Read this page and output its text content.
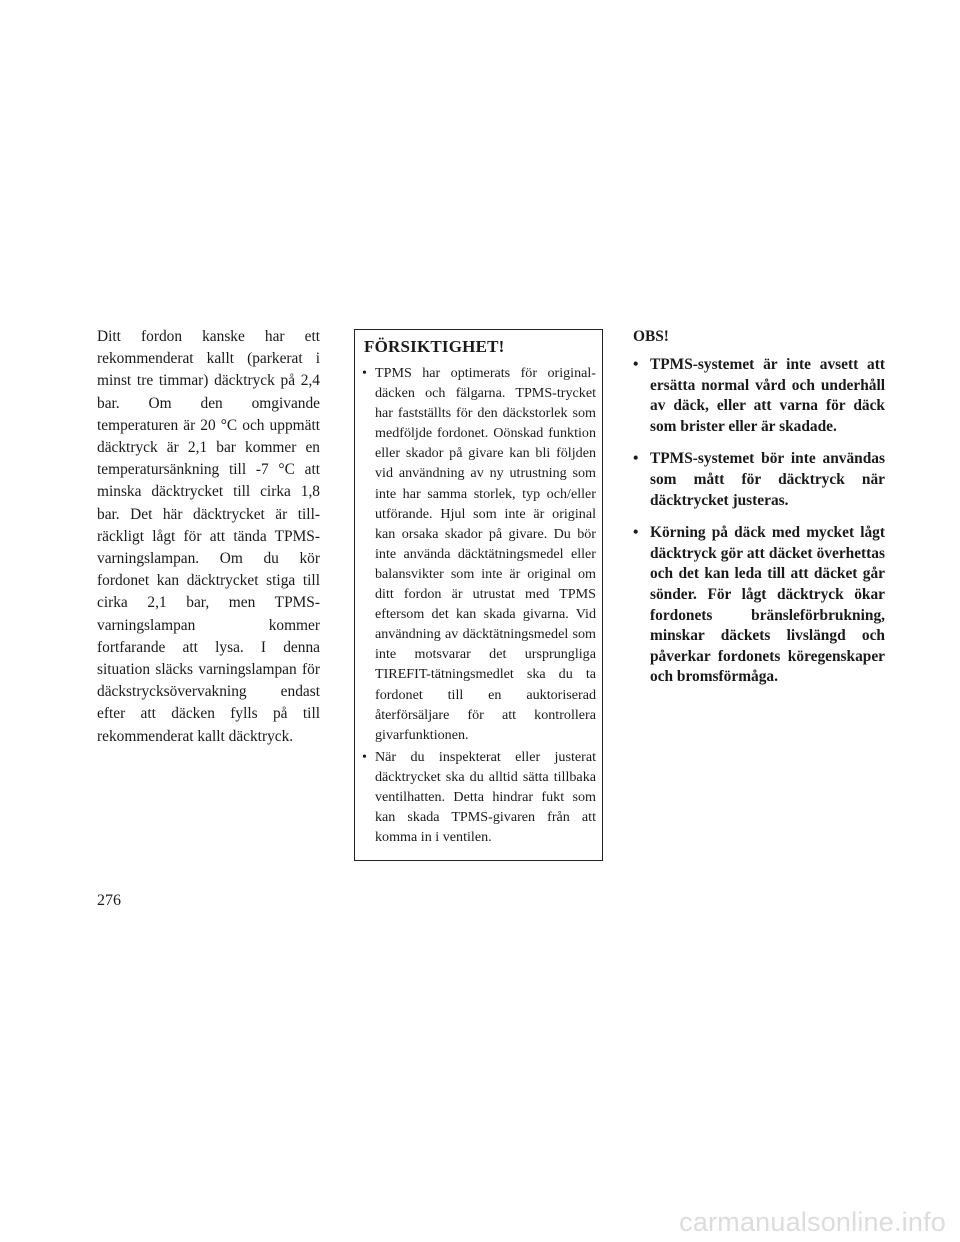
Ditt fordon kanske har ett rekommenderat kallt (parkerat i minst tre timmar) däcktryck på 2,4 bar. Om den omgivande temperaturen är 20 °C och uppmätt däcktryck är 2,1 bar kommer en temperatursänkning till -7 °C att minska däcktrycket till cirka 1,8 bar. Det här däcktrycket är tillräckligt lågt för att tända TPMS-varningslampan. Om du kör fordonet kan däcktrycket stiga till cirka 2,1 bar, men TPMS-varningslampan kommer fortfarande att lysa. I denna situation släcks varningslampan för däckstrycksövervakning endast efter att däcken fylls på till rekommenderat kallt däcktryck.

FÖRSIKTIGHET!

• TPMS har optimerats för originaldäcken och fälgarna. TPMS-trycket har fastställts för den däckstorlek som medföljde fordonet. Oönskad funktion eller skador på givare kan bli följden vid användning av ny utrustning som inte har samma storlek, typ och/eller utförande. Hjul som inte är original kan orsaka skador på givare. Du bör inte använda däcktätningsmedel eller balansvikter som inte är original om ditt fordon är utrustat med TPMS eftersom det kan skada givarna. Vid användning av däcktätningsmedel som inte motsvarar det ursprungliga TIREFIT-tätningsmedlet ska du ta fordonet till en auktoriserad återförsäljare för att kontrollera givarfunktionen.
• När du inspekterat eller justerat däcktrycket ska du alltid sätta tillbaka ventilhatten. Detta hindrar fukt som kan skada TPMS-givaren från att komma in i ventilen.

OBS!

• TPMS-systemet är inte avsett att ersätta normal vård och underhåll av däck, eller att varna för däck som brister eller är skadade.
• TPMS-systemet bör inte användas som mått för däcktryck när däcktrycket justeras.
• Körning på däck med mycket lågt däcktryck gör att däcket överhettas och det kan leda till att däcket går sönder. För lågt däcktryck ökar fordonets bränsleförbrukning, minskar däckets livslängd och påverkar fordonets köregenskaper och bromsförmåga.

276

carmanualsonline.info
